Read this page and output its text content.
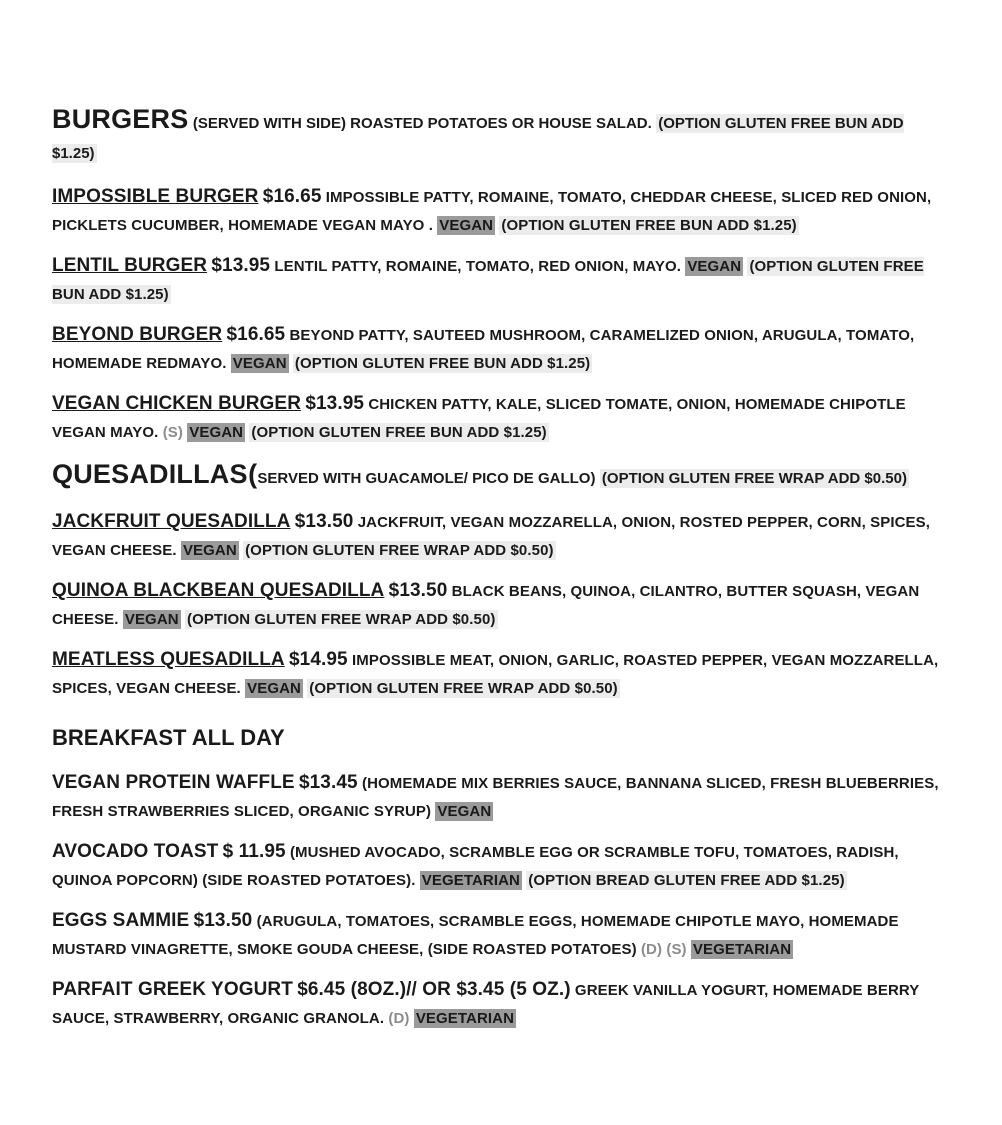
BURGERS (SERVED WITH SIDE) ROASTED POTATOES OR HOUSE SALAD. (OPTION GLUTEN FREE BUN ADD $1.25)
IMPOSSIBLE BURGER $16.65 IMPOSSIBLE PATTY, ROMAINE, TOMATO, CHEDDAR CHEESE, SLICED RED ONION, PICKLETS CUCUMBER, HOMEMADE VEGAN MAYO . VEGAN (OPTION GLUTEN FREE BUN ADD $1.25)
LENTIL BURGER $13.95 LENTIL PATTY, ROMAINE, TOMATO, RED ONION, MAYO. VEGAN (OPTION GLUTEN FREE BUN ADD $1.25)
BEYOND BURGER $16.65 BEYOND PATTY, SAUTEED MUSHROOM, CARAMELIZED ONION, ARUGULA, TOMATO, HOMEMADE REDMAYO. VEGAN (OPTION GLUTEN FREE BUN ADD $1.25)
VEGAN CHICKEN BURGER $13.95 CHICKEN PATTY, KALE, SLICED TOMATE, ONION, HOMEMADE CHIPOTLE VEGAN MAYO. (S) VEGAN (OPTION GLUTEN FREE BUN ADD $1.25)
QUESADILLAS (SERVED WITH GUACAMOLE/ PICO DE GALLO) (OPTION GLUTEN FREE WRAP ADD $0.50)
JACKFRUIT QUESADILLA $13.50 JACKFRUIT, VEGAN MOZZARELLA, ONION, ROSTED PEPPER, CORN, SPICES, VEGAN CHEESE. VEGAN (OPTION GLUTEN FREE WRAP ADD $0.50)
QUINOA BLACKBEAN QUESADILLA $13.50 BLACK BEANS, QUINOA, CILANTRO, BUTTER SQUASH, VEGAN CHEESE. VEGAN (OPTION GLUTEN FREE WRAP ADD $0.50)
MEATLESS QUESADILLA $14.95 IMPOSSIBLE MEAT, ONION, GARLIC, ROASTED PEPPER, VEGAN MOZZARELLA, SPICES, VEGAN CHEESE. VEGAN (OPTION GLUTEN FREE WRAP ADD $0.50)
BREAKFAST ALL DAY
VEGAN PROTEIN WAFFLE $13.45 (HOMEMADE MIX BERRIES SAUCE, BANNANA SLICED, FRESH BLUEBERRIES, FRESH STRAWBERRIES SLICED, ORGANIC SYRUP) VEGAN
AVOCADO TOAST $ 11.95 (MUSHED AVOCADO, SCRAMBLE EGG OR SCRAMBLE TOFU, TOMATOES, RADISH, QUINOA POPCORN) (SIDE ROASTED POTATOES). VEGETARIAN (OPTION BREAD GLUTEN FREE ADD $1.25)
EGGS SAMMIE $13.50 (ARUGULA, TOMATOES, SCRAMBLE EGGS, HOMEMADE CHIPOTLE MAYO, HOMEMADE MUSTARD VINAGRETTE, SMOKE GOUDA CHEESE, (SIDE ROASTED POTATOES) (D) (S) VEGETARIAN
PARFAIT GREEK YOGURT $6.45 (8OZ.)// OR $3.45 (5 OZ.) GREEK VANILLA YOGURT, HOMEMADE BERRY SAUCE, STRAWBERRY, ORGANIC GRANOLA. (D) VEGETARIAN
